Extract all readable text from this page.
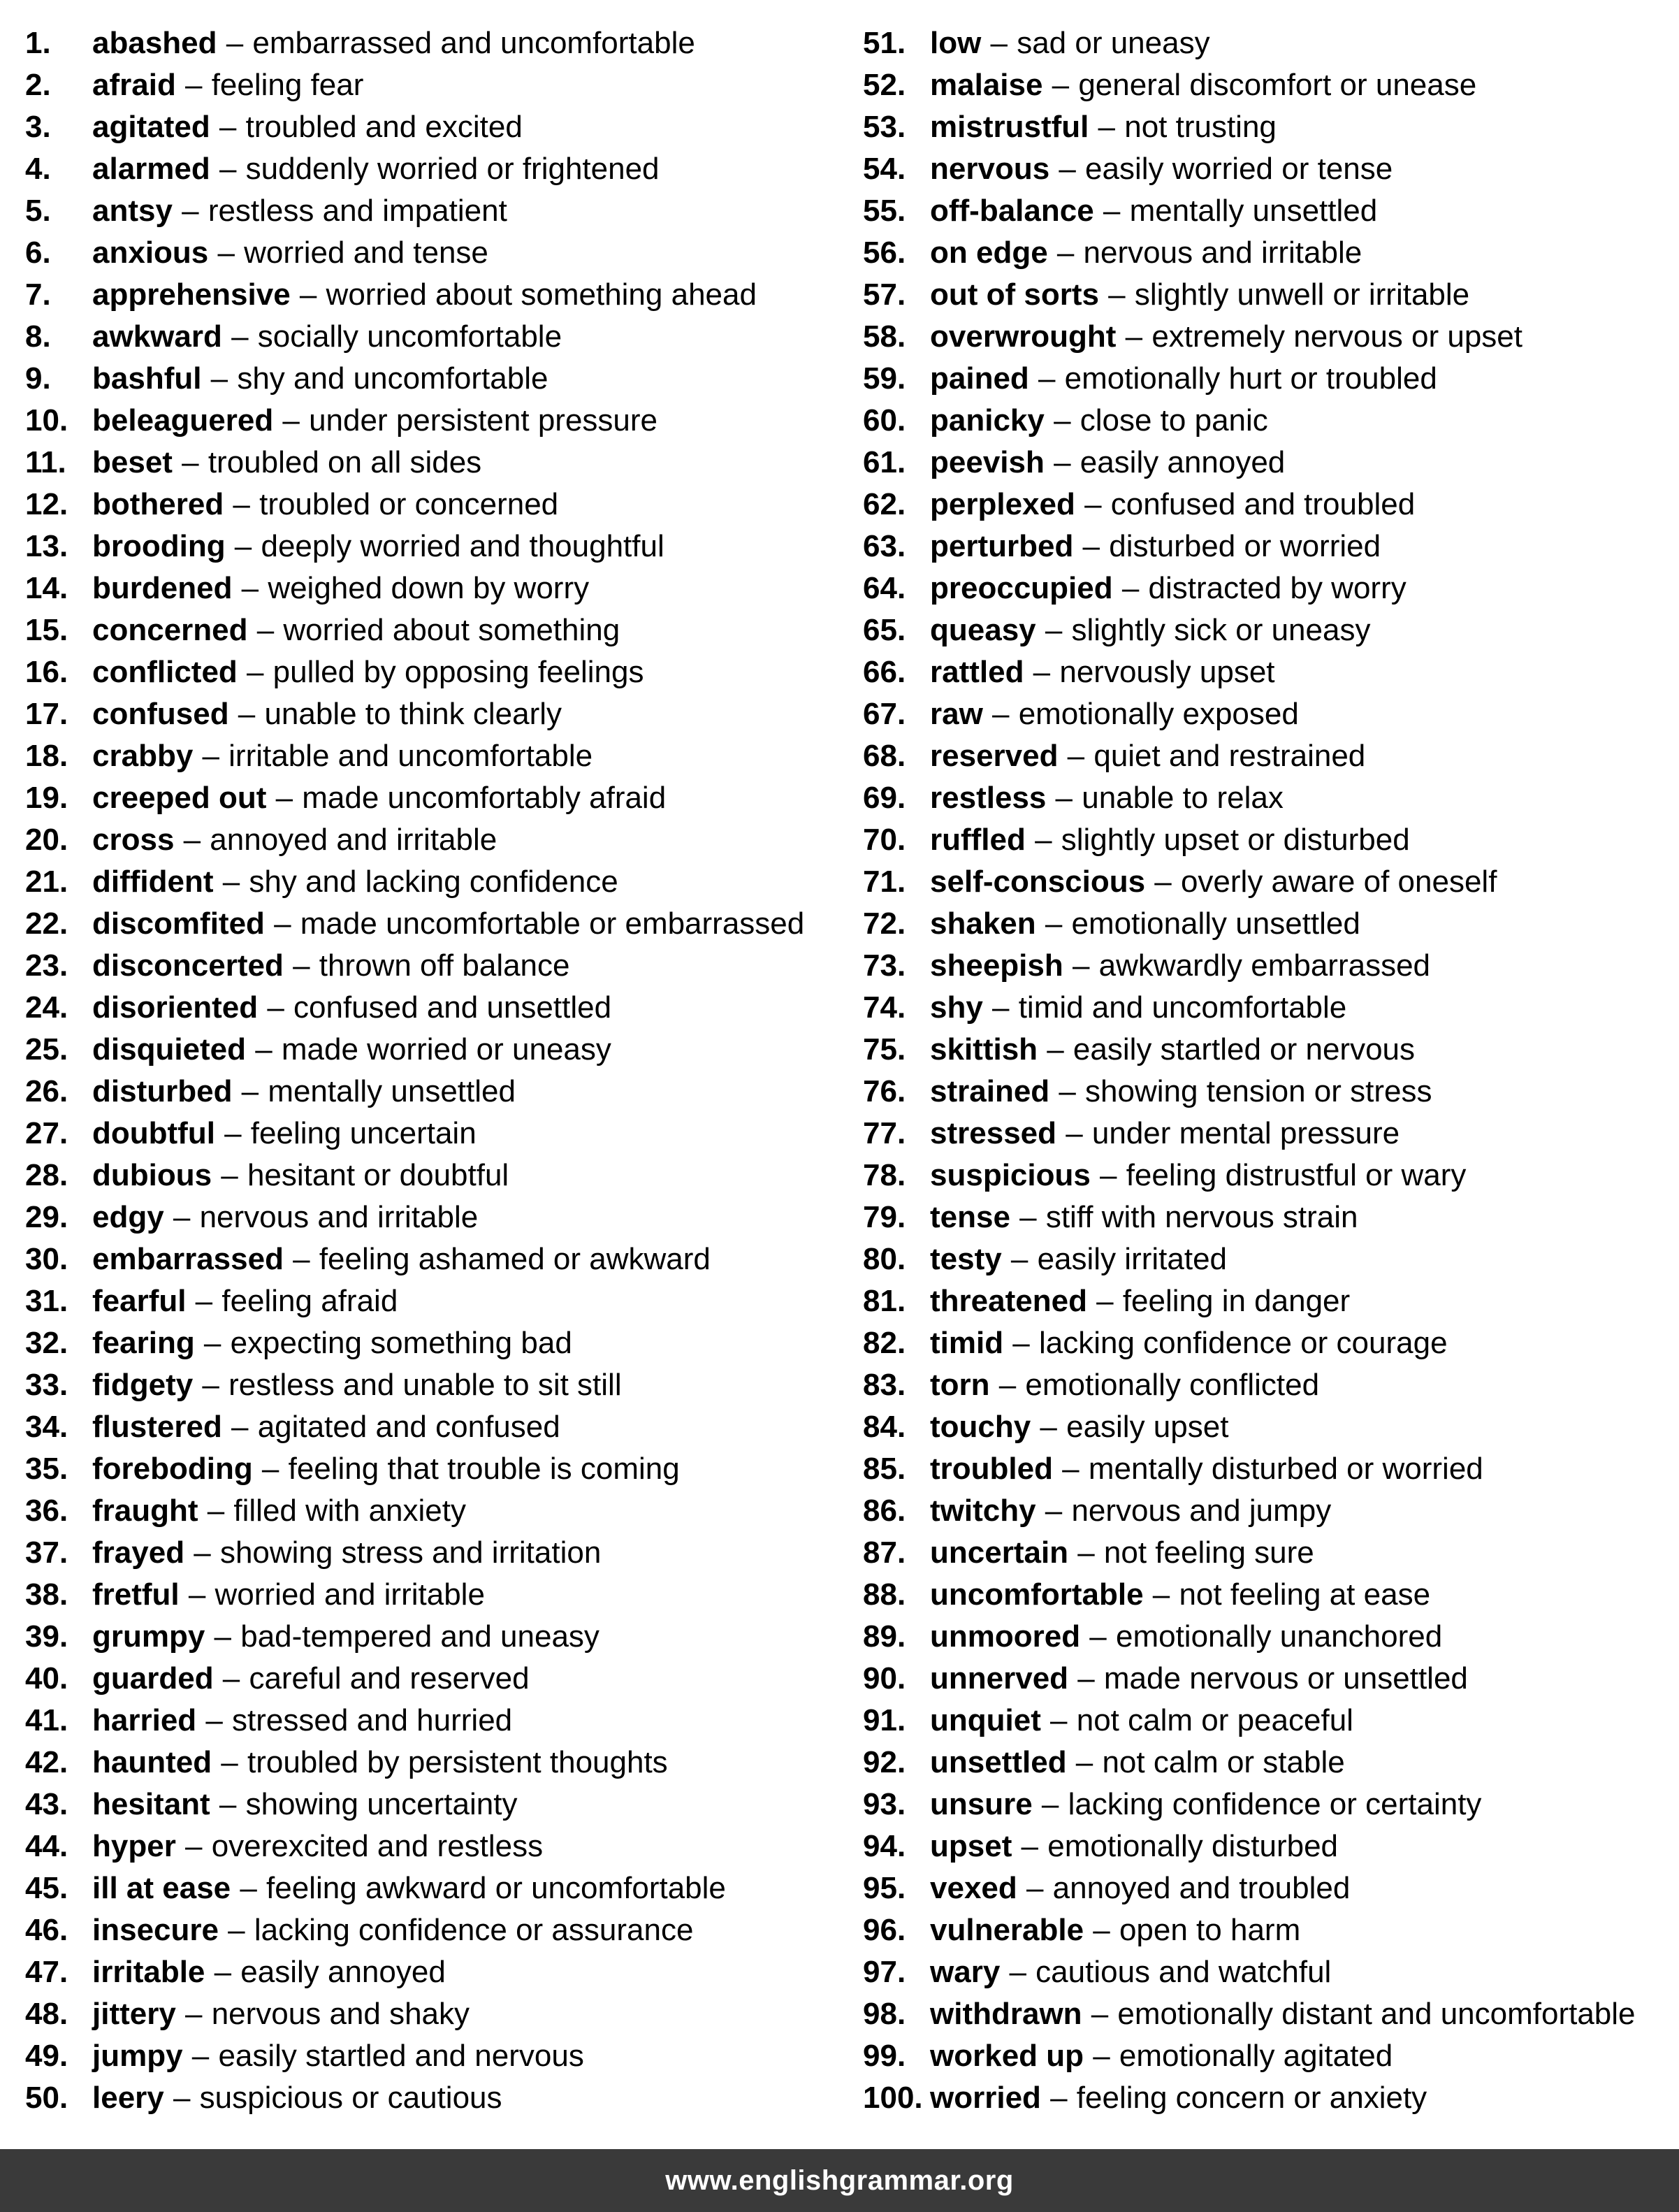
1.	abashed – embarrassed and uncomfortable
2.	afraid – feeling fear
3.	agitated – troubled and excited
4.	alarmed – suddenly worried or frightened
5.	antsy – restless and impatient
6.	anxious – worried and tense
7.	apprehensive – worried about something ahead
8.	awkward – socially uncomfortable
9.	bashful – shy and uncomfortable
10. beleaguered – under persistent pressure
11. beset – troubled on all sides
12. bothered – troubled or concerned
13. brooding – deeply worried and thoughtful
14. burdened – weighed down by worry
15. concerned – worried about something
16. conflicted – pulled by opposing feelings
17. confused – unable to think clearly
18. crabby – irritable and uncomfortable
19. creeped out – made uncomfortably afraid
20. cross – annoyed and irritable
21. diffident – shy and lacking confidence
22. discomfited – made uncomfortable or embarrassed
23. disconcerted – thrown off balance
24. disoriented – confused and unsettled
25. disquieted – made worried or uneasy
26. disturbed – mentally unsettled
27. doubtful – feeling uncertain
28. dubious – hesitant or doubtful
29. edgy – nervous and irritable
30. embarrassed – feeling ashamed or awkward
31. fearful – feeling afraid
32. fearing – expecting something bad
33. fidgety – restless and unable to sit still
34. flustered – agitated and confused
35. foreboding – feeling that trouble is coming
36. fraught – filled with anxiety
37. frayed – showing stress and irritation
38. fretful – worried and irritable
39. grumpy – bad-tempered and uneasy
40. guarded – careful and reserved
41. harried – stressed and hurried
42. haunted – troubled by persistent thoughts
43. hesitant – showing uncertainty
44. hyper – overexcited and restless
45. ill at ease – feeling awkward or uncomfortable
46. insecure – lacking confidence or assurance
47. irritable – easily annoyed
48. jittery – nervous and shaky
49. jumpy – easily startled and nervous
50. leery – suspicious or cautious
51. low – sad or uneasy
52. malaise – general discomfort or unease
53. mistrustful – not trusting
54. nervous – easily worried or tense
55. off-balance – mentally unsettled
56. on edge – nervous and irritable
57. out of sorts – slightly unwell or irritable
58. overwrought – extremely nervous or upset
59. pained – emotionally hurt or troubled
60. panicky – close to panic
61. peevish – easily annoyed
62. perplexed – confused and troubled
63. perturbed – disturbed or worried
64. preoccupied – distracted by worry
65. queasy – slightly sick or uneasy
66. rattled – nervously upset
67. raw – emotionally exposed
68. reserved – quiet and restrained
69. restless – unable to relax
70. ruffled – slightly upset or disturbed
71. self-conscious – overly aware of oneself
72. shaken – emotionally unsettled
73. sheepish – awkwardly embarrassed
74. shy – timid and uncomfortable
75. skittish – easily startled or nervous
76. strained – showing tension or stress
77. stressed – under mental pressure
78. suspicious – feeling distrustful or wary
79. tense – stiff with nervous strain
80. testy – easily irritated
81. threatened – feeling in danger
82. timid – lacking confidence or courage
83. torn – emotionally conflicted
84. touchy – easily upset
85. troubled – mentally disturbed or worried
86. twitchy – nervous and jumpy
87. uncertain – not feeling sure
88. uncomfortable – not feeling at ease
89. unmoored – emotionally unanchored
90. unnerved – made nervous or unsettled
91. unquiet – not calm or peaceful
92. unsettled – not calm or stable
93. unsure – lacking confidence or certainty
94. upset – emotionally disturbed
95. vexed – annoyed and troubled
96. vulnerable – open to harm
97. wary – cautious and watchful
98. withdrawn – emotionally distant and uncomfortable
99. worked up – emotionally agitated
100. worried – feeling concern or anxiety
www.englishgrammar.org
